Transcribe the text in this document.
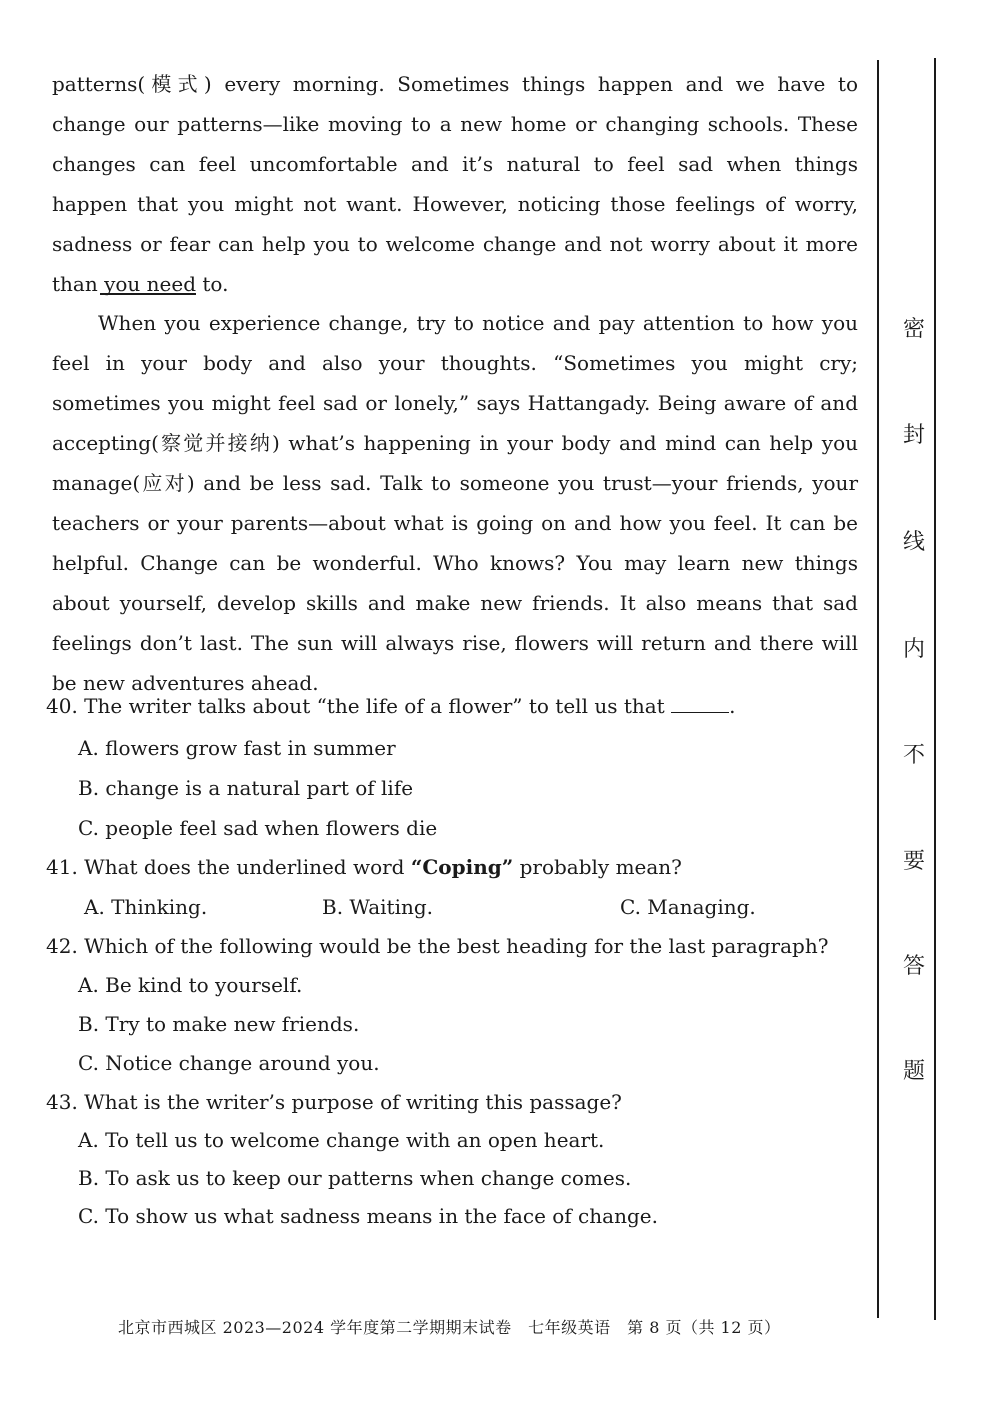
patterns(模式) every morning. Sometimes things happen and we have to change our patterns—like moving to a new home or changing schools. These changes can feel uncomfortable and it’s natural to feel sad when things happen that you might not want. However, noticing those feelings of worry, sadness or fear can help you to welcome change and not worry about it more than you need to.

When you experience change, try to notice and pay attention to how you feel in your body and also your thoughts. “Sometimes you might cry; sometimes you might feel sad or lonely,” says Hattangady. Being aware of and accepting(察觉并接纳) what’s happening in your body and mind can help you manage(应对) and be less sad. Talk to someone you trust—your friends, your teachers or your parents—about what is going on and how you feel. It can be helpful. Change can be wonderful. Who knows? You may learn new things about yourself, develop skills and make new friends. It also means that sad feelings don’t last. The sun will always rise, flowers will return and there will be new adventures ahead.

40. The writer talks about “the life of a flower” to tell us that	.
A. flowers grow fast in summer
B. change is a natural part of life
C. people feel sad when flowers die
41. What does the underlined word “Coping” probably mean?
A. Thinking.	B. Waiting.	C. Managing.
42. Which of the following would be the best heading for the last paragraph?
A. Be kind to yourself.
B. Try to make new friends.
C. Notice change around you.
43. What is the writer’s purpose of writing this passage?
A. To tell us to welcome change with an open heart.
B. To ask us to keep our patterns when change comes.
C. To show us what sadness means in the face of change.
密
封
线
内
不
要
答
题
北京市西城区 2023—2024 学年度第二学期期末试卷　七年级英语　第 8 页（共 12 页）
